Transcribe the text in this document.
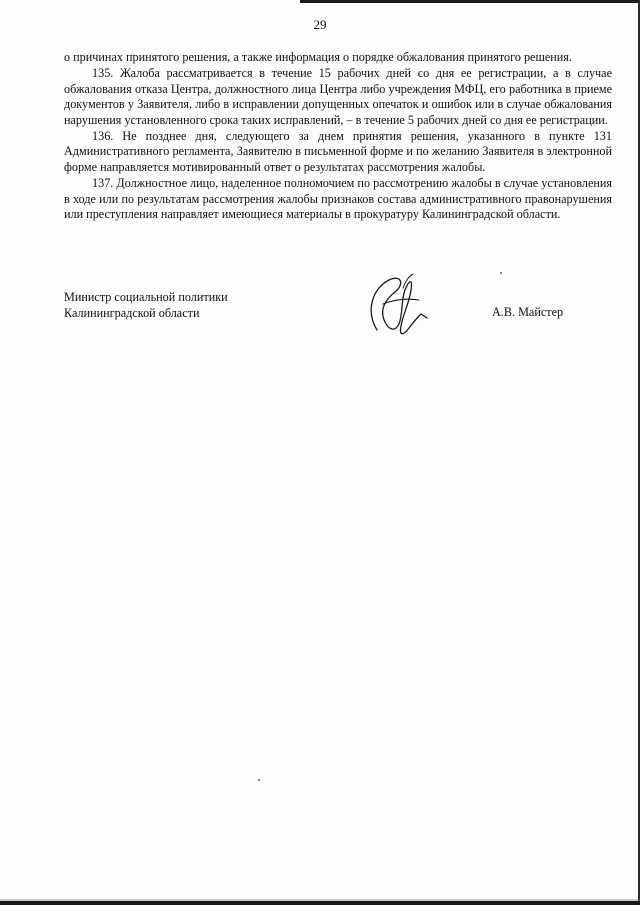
29

о причинах принятого решения, а также информация о порядке обжалования принятого решения.

135. Жалоба рассматривается в течение 15 рабочих дней со дня ее регистрации, а в случае обжалования отказа Центра, должностного лица Центра либо учреждения МФЦ, его работника в приеме документов у Заявителя, либо в исправлении допущенных опечаток и ошибок или в случае обжалования нарушения установленного срока таких исправлений, – в течение 5 рабочих дней со дня ее регистрации.

136. Не позднее дня, следующего за днем принятия решения, указанного в пункте 131 Административного регламента, Заявителю в письменной форме и по желанию Заявителя в электронной форме направляется мотивированный ответ о результатах рассмотрения жалобы.

137. Должностное лицо, наделенное полномочием по рассмотрению жалобы в случае установления в ходе или по результатам рассмотрения жалобы признаков состава административного правонарушения или преступления направляет имеющиеся материалы в прокуратуру Калининградской области.

Министр социальной политики
Калининградской области	А.В. Майстер
